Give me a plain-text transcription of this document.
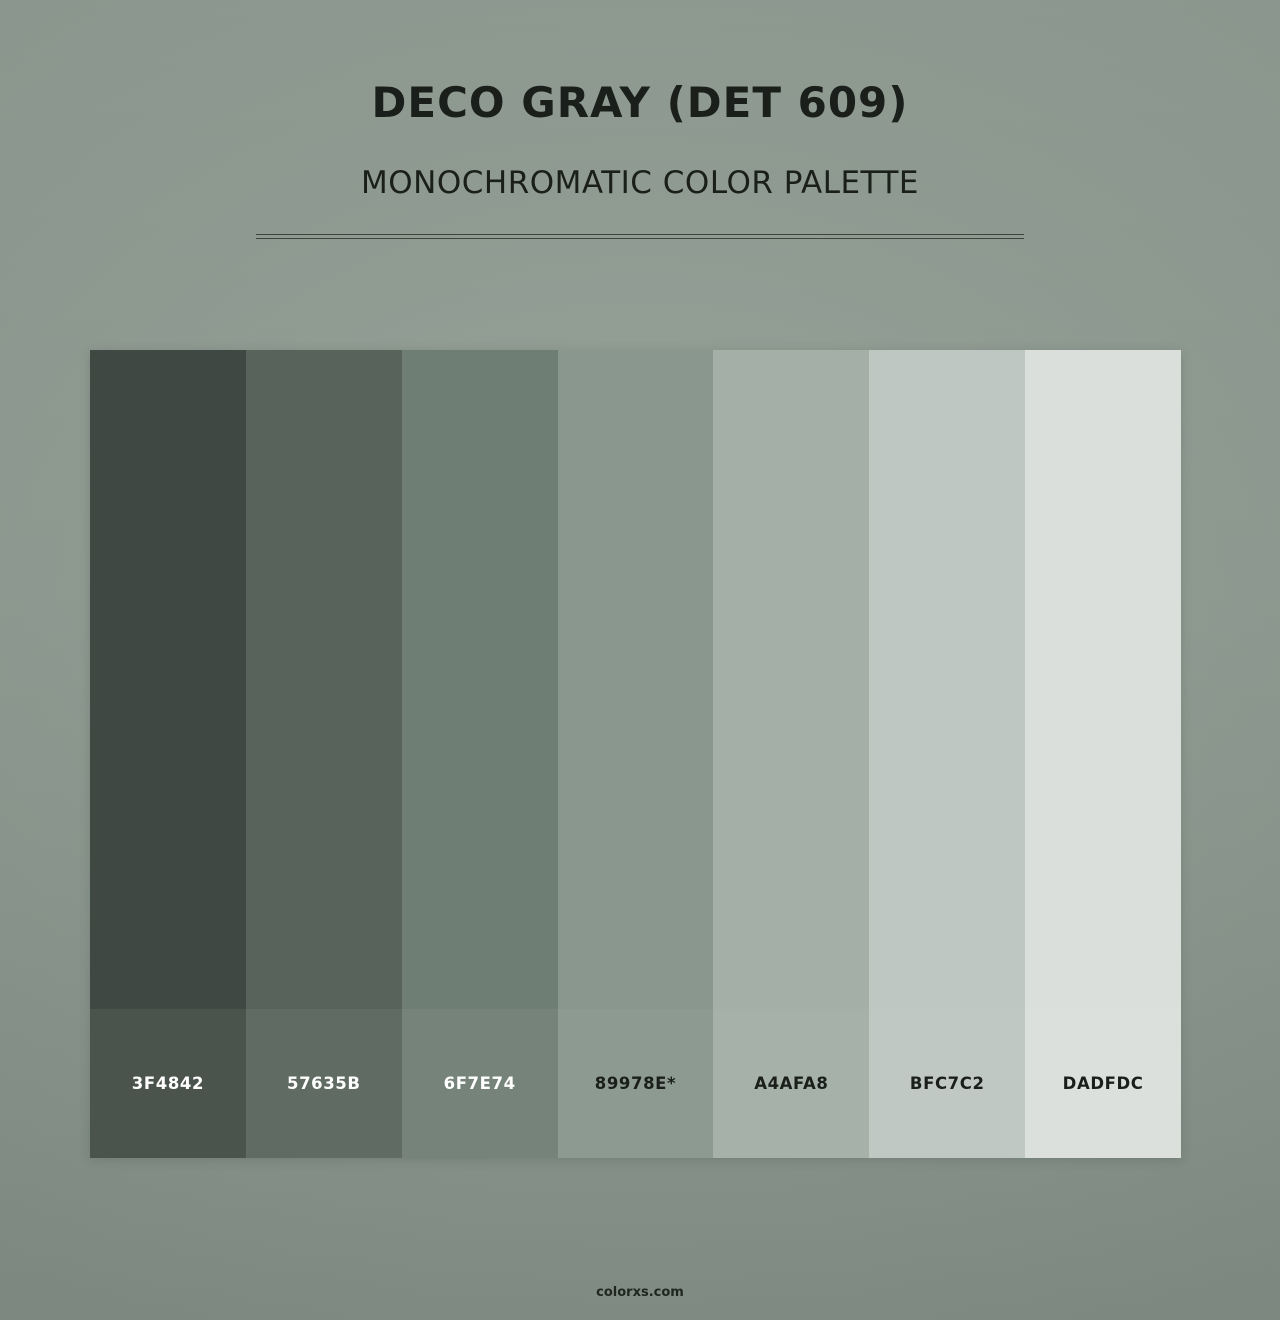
DECO GRAY (DET 609)
MONOCHROMATIC COLOR PALETTE
3F4842	57635B	6F7E74	89978E*	A4AFA8	BFC7C2	DADFDC
colorxs.com
